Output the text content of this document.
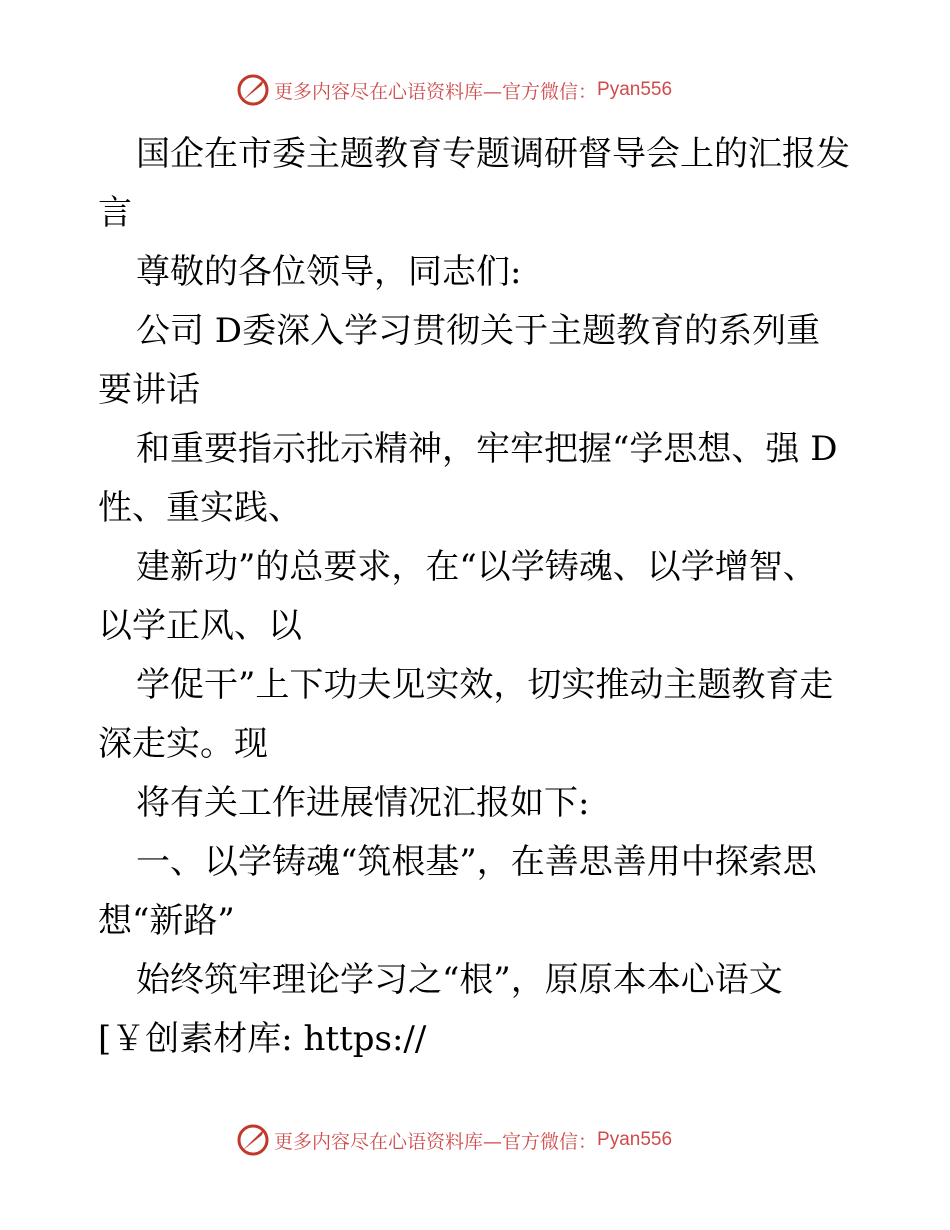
更多内容尽在心语资料库—官方微信： Pyan556
国企在市委主题教育专题调研督导会上的汇报发
言
尊敬的各位领导，同志们:
公司 D委深入学习贯彻关于主题教育的系列重
要讲话
和重要指示批示精神，牢牢把握“学思想、强 D
性、重实践、
建新功”的总要求，在“以学铸魂、以学增智、
以学正风、以
学促干”上下功夫见实效，切实推动主题教育走
深走实。现
将有关工作进展情况汇报如下:
一、以学铸魂“筑根基”，在善思善用中探索思
想“新路”
始终筑牢理论学习之“根”，原原本本心语文
[￥创素材库: https://
更多内容尽在心语资料库—官方微信： Pyan556
